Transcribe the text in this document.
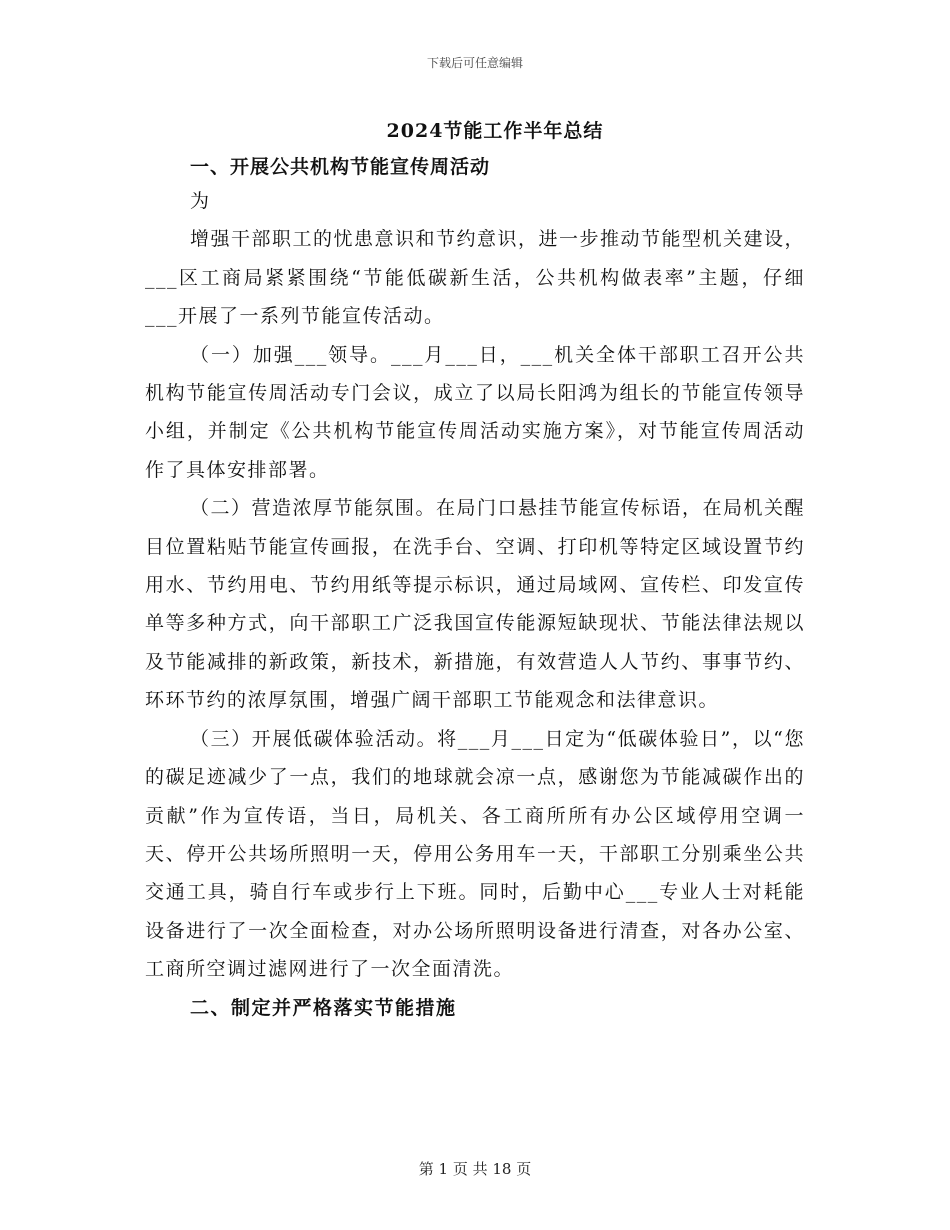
下载后可任意编辑
2024节能工作半年总结
一、开展公共机构节能宣传周活动

为

增强干部职工的忧患意识和节约意识，进一步推动节能型机关建设，___区工商局紧紧围绕“节能低碳新生活，公共机构做表率”主题，仔细___开展了一系列节能宣传活动。

（一）加强___领导。___月___日，___机关全体干部职工召开公共机构节能宣传周活动专门会议，成立了以局长阳鸿为组长的节能宣传领导小组，并制定《公共机构节能宣传周活动实施方案》，对节能宣传周活动作了具体安排部署。

（二）营造浓厚节能氛围。在局门口悬挂节能宣传标语，在局机关醒目位置粘贴节能宣传画报，在洗手台、空调、打印机等特定区域设置节约用水、节约用电、节约用纸等提示标识，通过局域网、宣传栏、印发宣传单等多种方式，向干部职工广泛我国宣传能源短缺现状、节能法律法规以及节能减排的新政策，新技术，新措施，有效营造人人节约、事事节约、环环节约的浓厚氛围，增强广阔干部职工节能观念和法律意识。

（三）开展低碳体验活动。将___月___日定为“低碳体验日”，以“您的碳足迹减少了一点，我们的地球就会凉一点，感谢您为节能减碳作出的贡献”作为宣传语，当日，局机关、各工商所所有办公区域停用空调一天、停开公共场所照明一天，停用公务用车一天，干部职工分别乘坐公共交通工具，骑自行车或步行上下班。同时，后勤中心___专业人士对耗能设备进行了一次全面检查，对办公场所照明设备进行清查，对各办公室、工商所空调过滤网进行了一次全面清洗。

二、制定并严格落实节能措施

第 1 页 共 18 页
